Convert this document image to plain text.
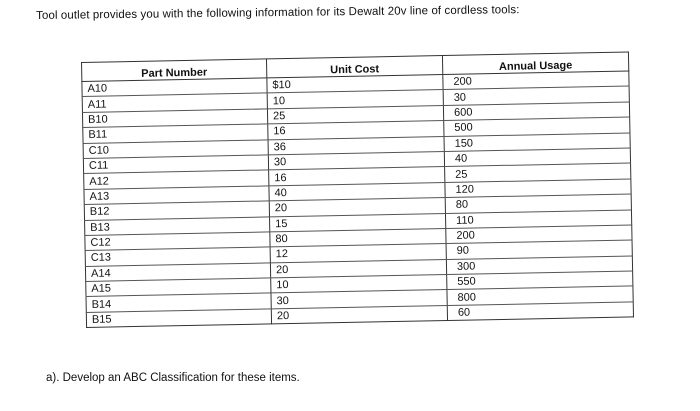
Tool outlet provides you with the following information for its Dewalt 20v line of cordless tools:
Part Number	Unit Cost	Annual Usage
A10	$10	200
A11	10	30
B10	25	600
B11	16	500
C10	36	150
C11	30	40
A12	16	25
A13	40	120
B12	20	80
B13	15	110
C12	80	200
C13	12	90
A14	20	300
A15	10	550
B14	30	800
B15	20	60
a). Develop an ABC Classification for these items.
